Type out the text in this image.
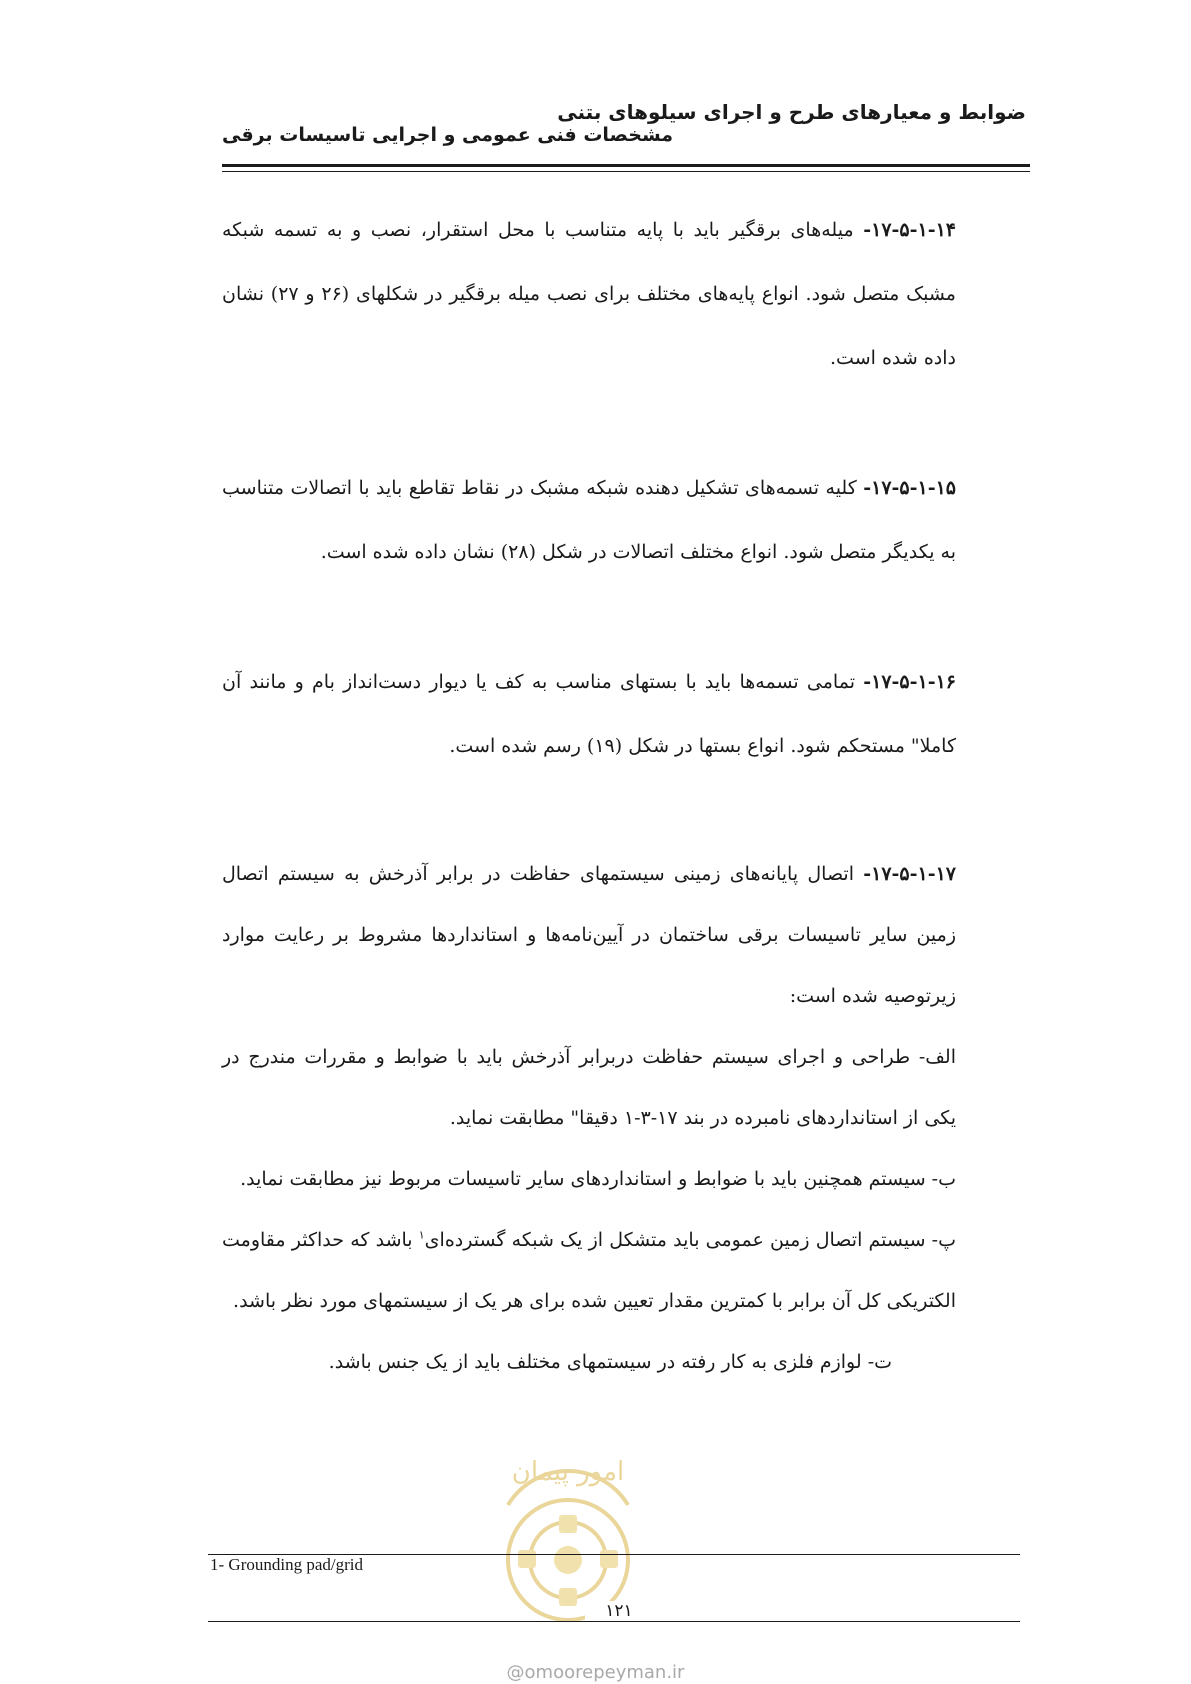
ضوابط و معیارهای طرح و اجرای سیلوهای بتنی
مشخصات فنی عمومی و اجرایی تاسیسات برقی

۱۷-۵-۱-۱۴- میله‌های برقگیر باید با پایه متناسب با محل استقرار، نصب و به تسمه شبکه مشبک متصل شود. انواع پایه‌های مختلف برای نصب میله برقگیر در شکلهای (۲۶ و ۲۷) نشان داده شده است.

۱۷-۵-۱-۱۵- کلیه تسمه‌های تشکیل دهنده شبکه مشبک در نقاط تقاطع باید با اتصالات متناسب به یکدیگر متصل شود. انواع مختلف اتصالات در شکل (۲۸) نشان داده شده است.

۱۷-۵-۱-۱۶- تمامی تسمه‌ها باید با بستهای مناسب به کف یا دیوار دست‌انداز بام و مانند آن کاملا" مستحکم شود. انواع بستها در شکل (۱۹) رسم شده است.

۱۷-۵-۱-۱۷- اتصال پایانه‌های زمینی سیستمهای حفاظت در برابر آذرخش به سیستم اتصال زمین سایر تاسیسات برقی ساختمان در آیین‌نامه‌ها و استانداردها مشروط بر رعایت موارد زیرتوصیه شده است:

الف- طراحی و اجرای سیستم حفاظت دربرابر آذرخش باید با ضوابط و مقررات مندرج در یکی از استانداردهای نامبرده در بند ۱۷-۳-۱ دقیقا" مطابقت نماید.

ب- سیستم همچنین باید با ضوابط و استانداردهای سایر تاسیسات مربوط نیز مطابقت نماید.

پ- سیستم اتصال زمین عمومی باید متشکل از یک شبکه گسترده‌ای$^۱$ باشد که حداکثر مقاومت الکتریکی کل آن برابر با کمترین مقدار تعیین شده برای هر یک از سیستمهای مورد نظر باشد.

ت- لوازم فلزی به کار رفته در سیستمهای مختلف باید از یک جنس باشد.

امور پیمان
1- Grounding pad/grid
۱۲۱
@omoorepeyman.ir
